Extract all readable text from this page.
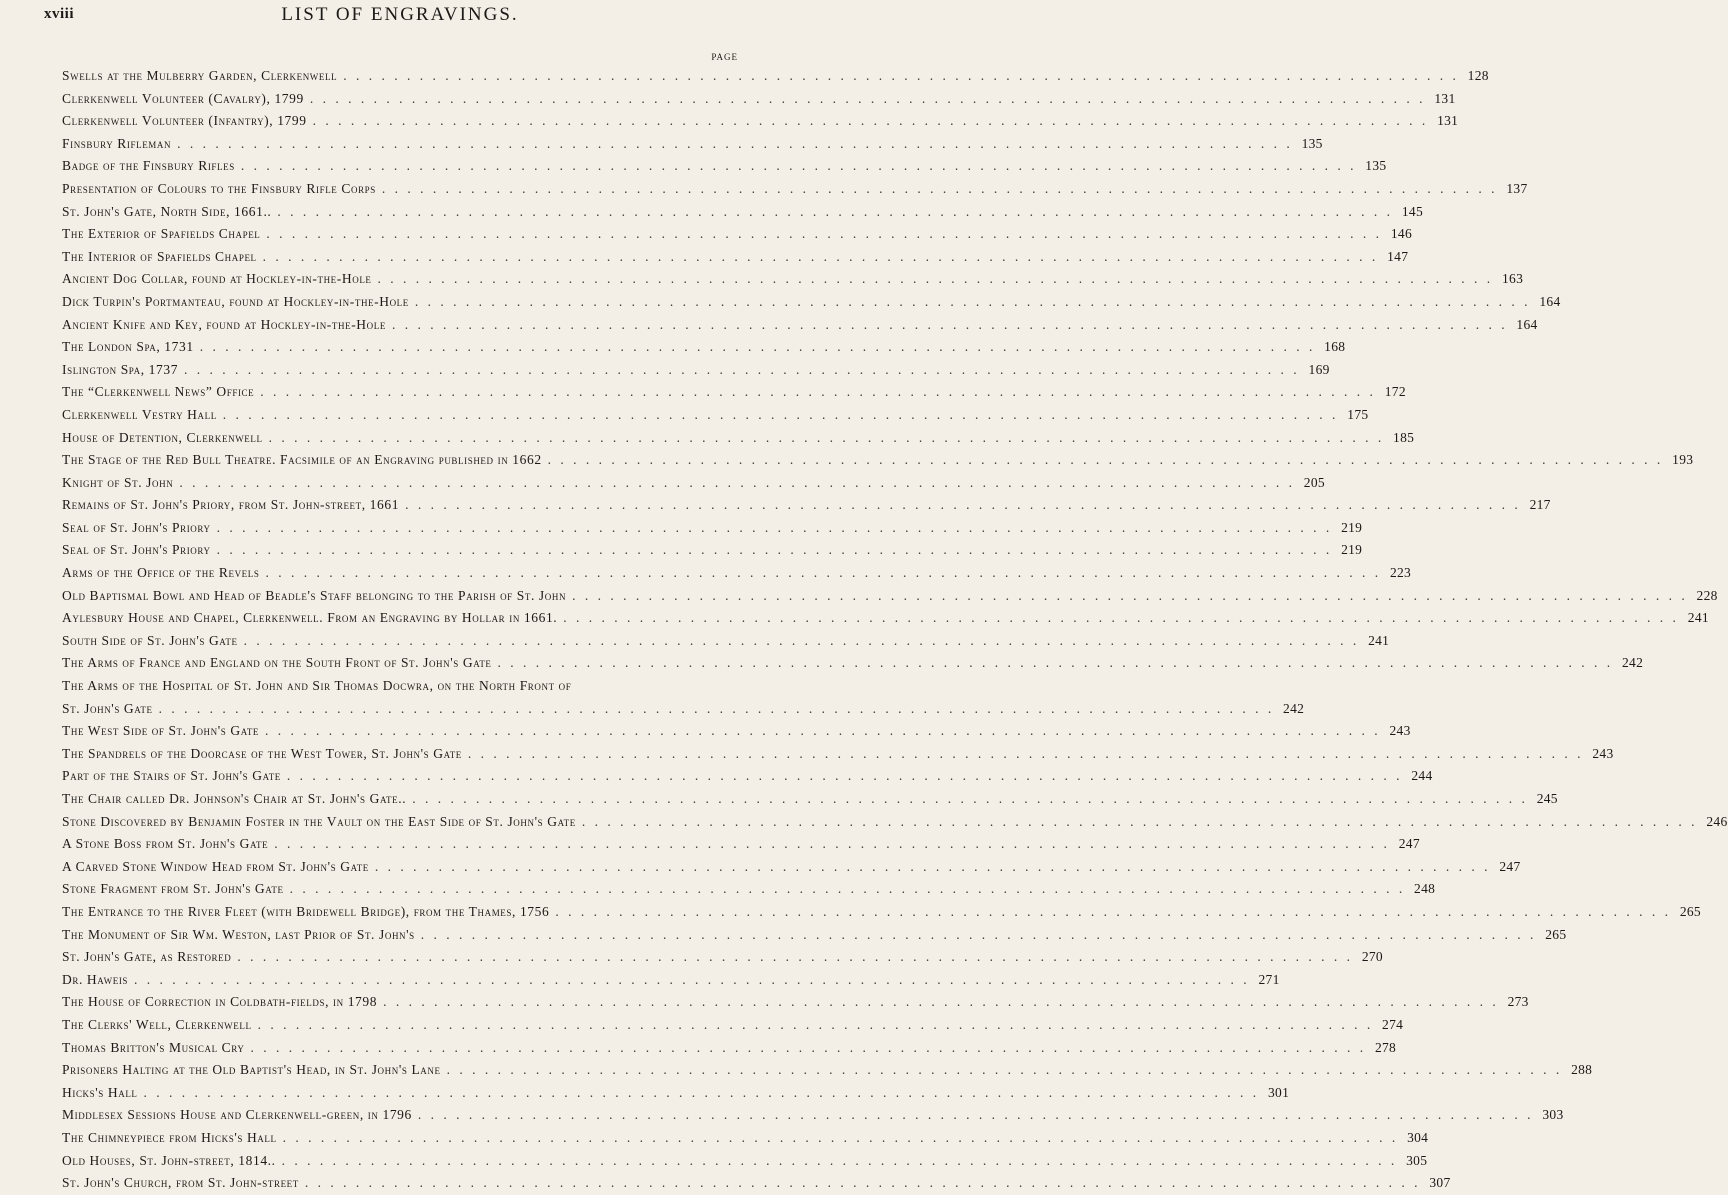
xviii	LIST OF ENGRAVINGS.
PAGE
Swells at the Mulberry Garden, Clerkenwell . . .	128
Clerkenwell Volunteer (Cavalry), 1799 . . .	131
Clerkenwell Volunteer (Infantry), 1799 . . .	131
Finsbury Rifleman . . .	135
Badge of the Finsbury Rifles . . .	135
Presentation of Colours to the Finsbury Rifle Corps . . .	137
St. John's Gate, North Side, 1661.. . . .	145
The Exterior of Spafields Chapel . . .	146
The Interior of Spafields Chapel . . .	147
Ancient Dog Collar, found at Hockley-in-the-Hole . . .	163
Dick Turpin's Portmanteau, found at Hockley-in-the-Hole . . .	164
Ancient Knife and Key, found at Hockley-in-the-Hole . . .	164
The London Spa, 1731 . . .	168
Islington Spa, 1737 . . .	169
The “Clerkenwell News” Office . . .	172
Clerkenwell Vestry Hall . . .	175
House of Detention, Clerkenwell . . .	185
The Stage of the Red Bull Theatre. Facsimile of an Engraving published in 1662 . . .	193
Knight of St. John . . .	205
Remains of St. John's Priory, from St. John-street, 1661 . . .	217
Seal of St. John's Priory . . .	219
Seal of St. John's Priory . . .	219
Arms of the Office of the Revels . . .	223
Old Baptismal Bowl and Head of Beadle's Staff belonging to the Parish of St. John . . .	228
Aylesbury House and Chapel, Clerkenwell. From an Engraving by Hollar in 1661. . . .	241
South Side of St. John's Gate . . .	241
The Arms of France and England on the South Front of St. John's Gate . . .	242
The Arms of the Hospital of St. John and Sir Thomas Docwra, on the North Front of
St. John's Gate . . .	242
The West Side of St. John's Gate . . .	243
The Spandrels of the Doorcase of the West Tower, St. John's Gate . . .	243
Part of the Stairs of St. John's Gate . . .	244
The Chair called Dr. Johnson's Chair at St. John's Gate.. . . .	245
Stone Discovered by Benjamin Foster in the Vault on the East Side of St. John's Gate . . .	246
A Stone Boss from St. John's Gate . . .	247
A Carved Stone Window Head from St. John's Gate . . .	247
Stone Fragment from St. John's Gate . . .	248
The Entrance to the River Fleet (with Bridewell Bridge), from the Thames, 1756 . . .	265
The Monument of Sir Wm. Weston, last Prior of St. John's . . .	265
St. John's Gate, as Restored . . .	270
Dr. Haweis . . .	271
The House of Correction in Coldbath-fields, in 1798 . . .	273
The Clerks' Well, Clerkenwell . . .	274
Thomas Britton's Musical Cry . . .	278
Prisoners Halting at the Old Baptist's Head, in St. John's Lane . . .	288
Hicks's Hall . . .	301
Middlesex Sessions House and Clerkenwell-green, in 1796 . . .	303
The Chimneypiece from Hicks's Hall . . .	304
Old Houses, St. John-street, 1814.. . . .	305
St. John's Church, from St. John-street . . .	307
